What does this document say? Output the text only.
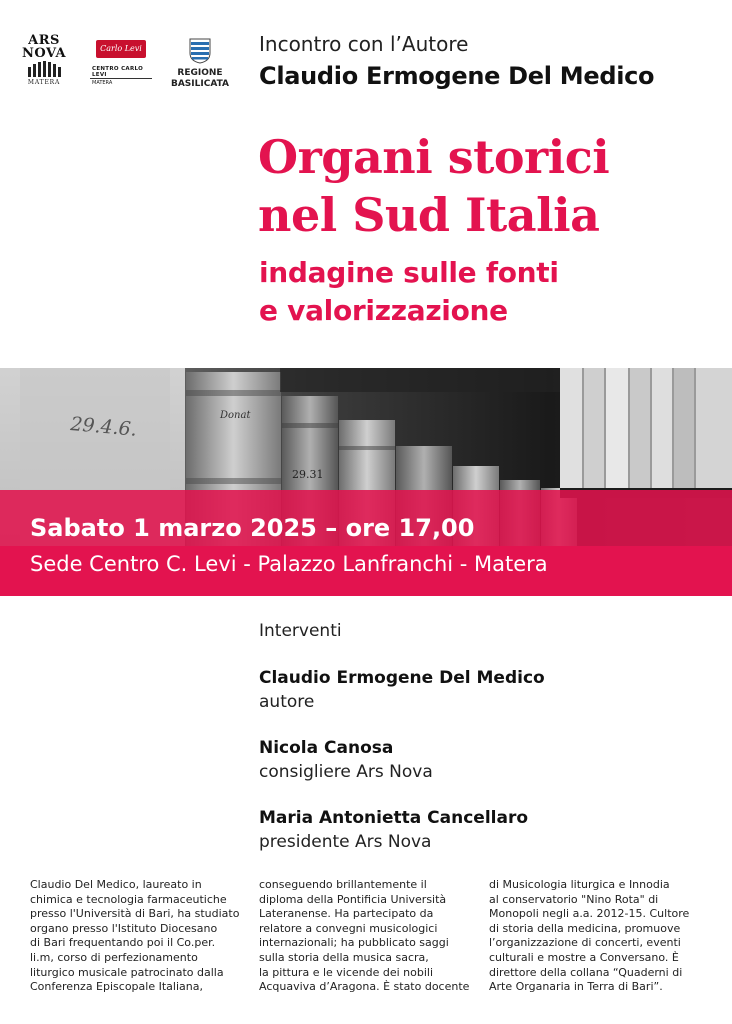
ARS
NOVA
MATERA
Carlo Levi
CENTRO CARLO LEVI
MATERA
REGIONE
BASILICATA
Incontro con l’Autore
Claudio Ermogene Del Medico
Organi storici
nel Sud Italia
indagine sulle fonti
e valorizzazione
29.4.6.	Donat
29.31
Sabato 1 marzo 2025 – ore 17,00
Sede Centro C. Levi - Palazzo Lanfranchi - Matera
Interventi
Claudio Ermogene Del Medico
autore
Nicola Canosa
consigliere Ars Nova
Maria Antonietta Cancellaro
presidente Ars Nova
Claudio Del Medico, laureato in
chimica e tecnologia farmaceutiche
presso l'Università di Bari, ha studiato
organo presso l'Istituto Diocesano
di Bari frequentando poi il Co.per.
li.m, corso di perfezionamento
liturgico musicale patrocinato dalla
Conferenza Episcopale Italiana,
conseguendo brillantemente il
diploma della Pontificia Università
Lateranense. Ha partecipato da
relatore a convegni musicologici
internazionali; ha pubblicato saggi
sulla storia della musica sacra,
la pittura e le vicende dei nobili
Acquaviva d’Aragona. È stato docente
di Musicologia liturgica e Innodia
al conservatorio "Nino Rota" di
Monopoli negli a.a. 2012-15. Cultore
di storia della medicina, promuove
l’organizzazione di concerti, eventi
culturali e mostre a Conversano. È
direttore della collana “Quaderni di
Arte Organaria in Terra di Bari”.
